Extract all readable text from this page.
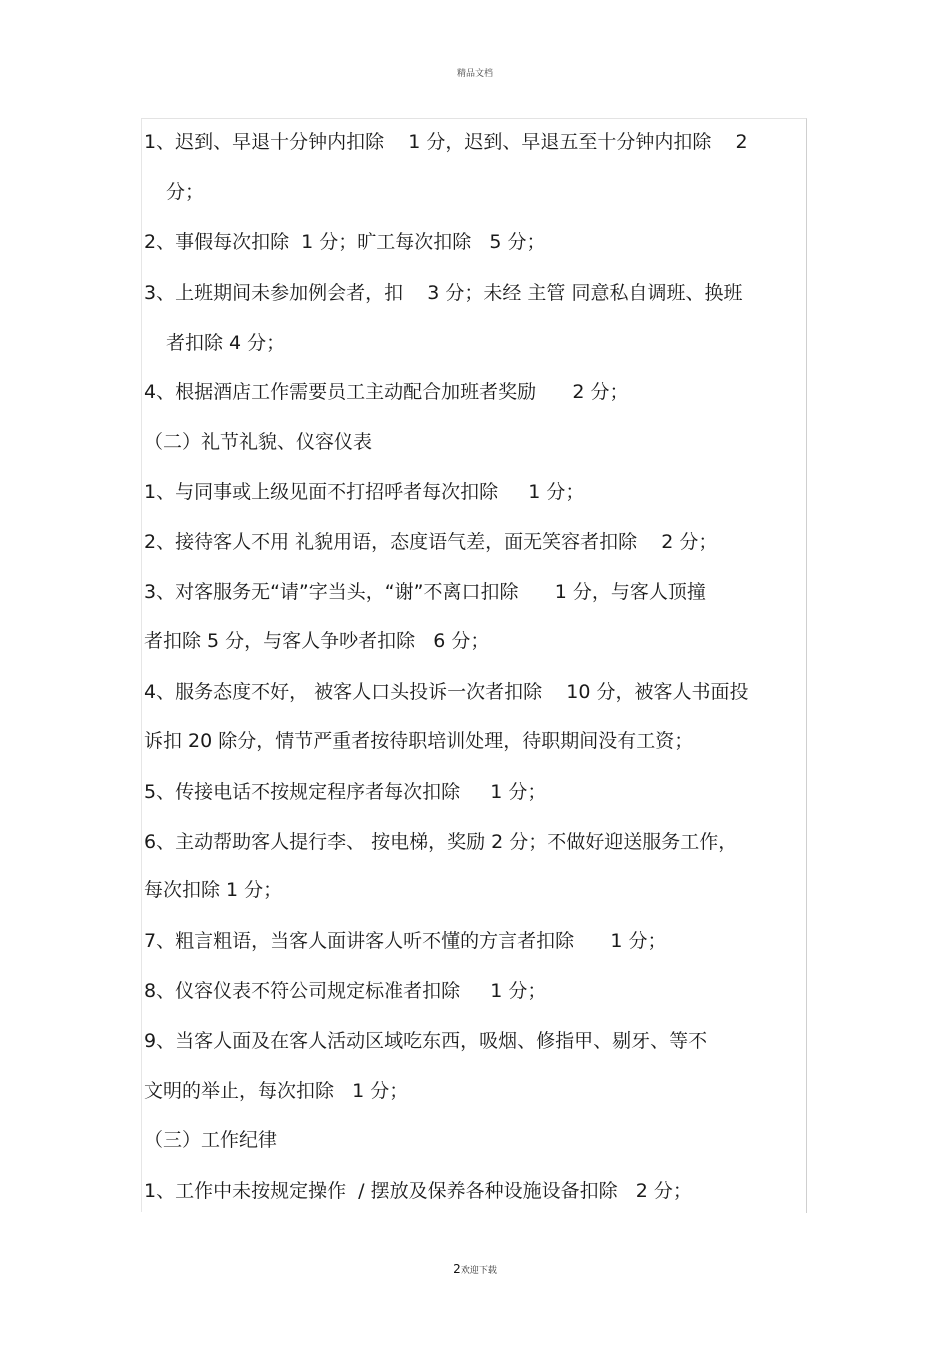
精品文档
1、迟到、早退十分钟内扣除    1 分，迟到、早退五至十分钟内扣除    2
分；
2、事假每次扣除  1 分；旷工每次扣除   5 分；
3、上班期间未参加例会者，扣    3 分；未经 主管 同意私自调班、换班
者扣除 4 分；
4、根据酒店工作需要员工主动配合加班者奖励      2 分；
（二）礼节礼貌、仪容仪表
1、与同事或上级见面不打招呼者每次扣除     1 分；
2、接待客人不用 礼貌用语，态度语气差，面无笑容者扣除    2 分；
3、对客服务无“请”字当头，“谢”不离口扣除      1 分，与客人顶撞
者扣除 5 分，与客人争吵者扣除   6 分；
4、服务态度不好， 被客人口头投诉一次者扣除    10 分，被客人书面投
诉扣 20 除分，情节严重者按待职培训处理，待职期间没有工资；
5、传接电话不按规定程序者每次扣除     1 分；
6、主动帮助客人提行李、 按电梯，奖励 2 分；不做好迎送服务工作，
每次扣除 1 分；
7、粗言粗语，当客人面讲客人听不懂的方言者扣除      1 分；
8、仪容仪表不符公司规定标准者扣除     1 分；
9、当客人面及在客人活动区域吃东西，吸烟、修指甲、剔牙、等不
文明的举止，每次扣除   1 分；
（三）工作纪律
1、工作中未按规定操作  / 摆放及保养各种设施设备扣除   2 分；
2欢迎下载
